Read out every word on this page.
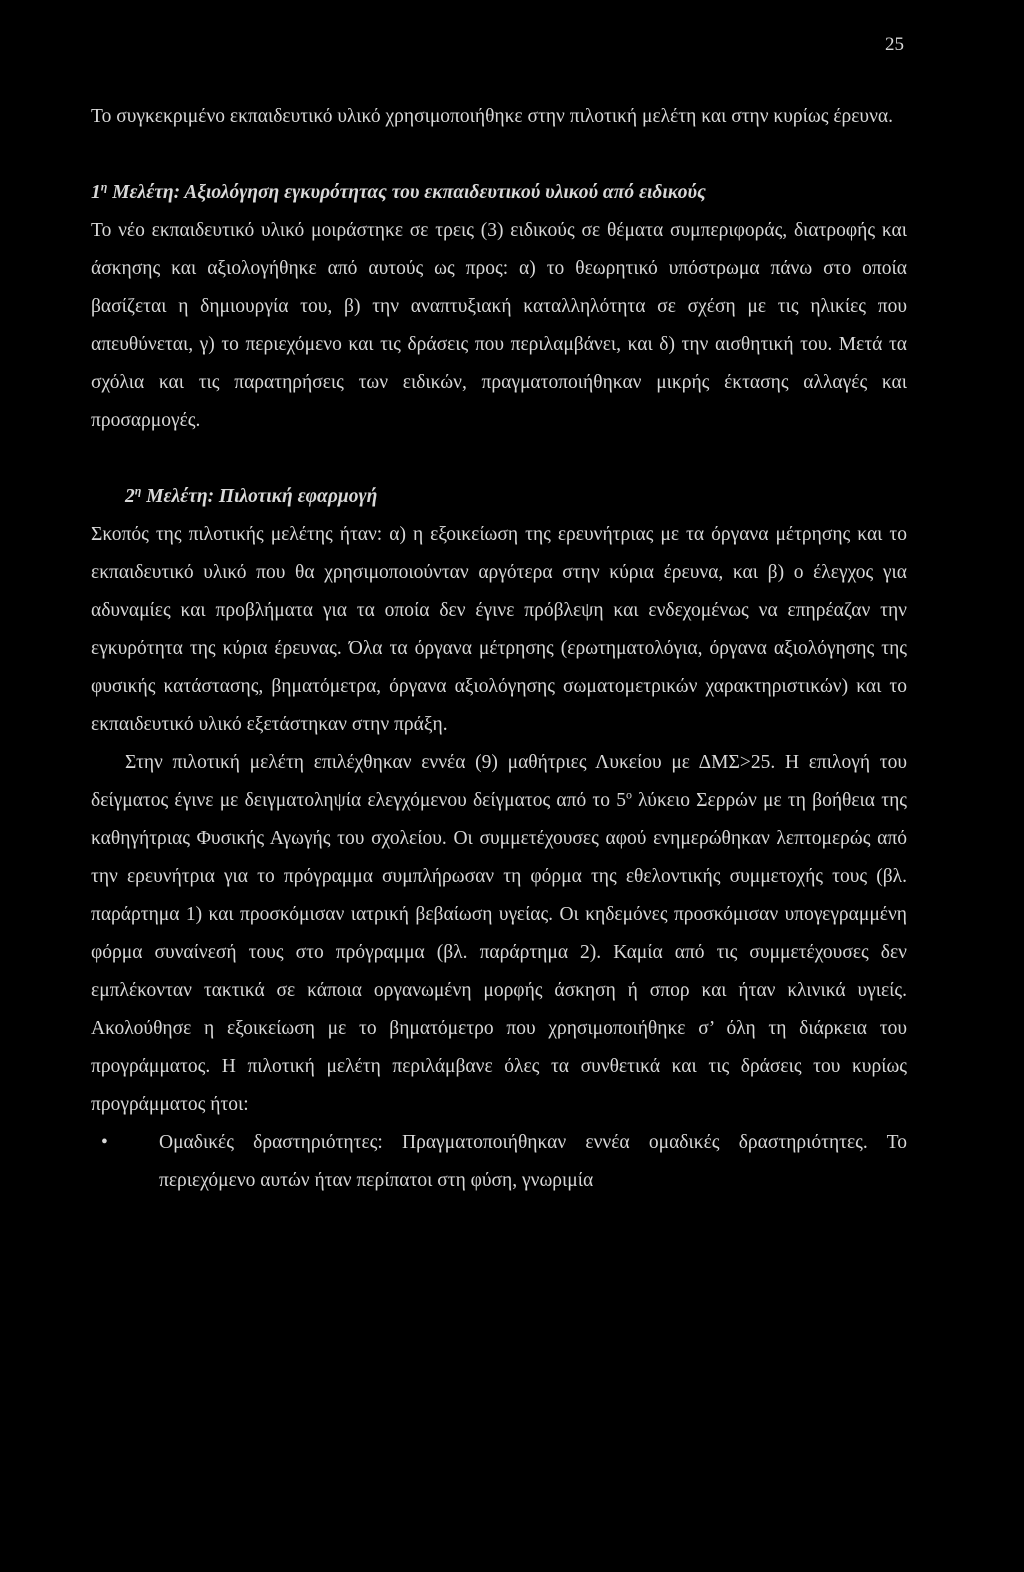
25

Το συγκεκριμένο εκπαιδευτικό υλικό χρησιμοποιήθηκε στην πιλοτική μελέτη και στην κυρίως έρευνα.

$1^\eta$ Μελέτη: Αξιολόγηση εγκυρότητας του εκπαιδευτικού υλικού από ειδικούς

Το νέο εκπαιδευτικό υλικό μοιράστηκε σε τρεις (3) ειδικούς σε θέματα συμπεριφοράς, διατροφής και άσκησης και αξιολογήθηκε από αυτούς ως προς: α) το θεωρητικό υπόστρωμα πάνω στο οποία βασίζεται η δημιουργία του, β) την αναπτυξιακή καταλληλότητα σε σχέση με τις ηλικίες που απευθύνεται, γ) το περιεχόμενο και τις δράσεις που περιλαμβάνει, και δ) την αισθητική του. Μετά τα σχόλια και τις παρατηρήσεις των ειδικών, πραγματοποιήθηκαν μικρής έκτασης αλλαγές και προσαρμογές.

$2^\eta$ Μελέτη: Πιλοτική εφαρμογή

Σκοπός της πιλοτικής μελέτης ήταν: α) η εξοικείωση της ερευνήτριας με τα όργανα μέτρησης και το εκπαιδευτικό υλικό που θα χρησιμοποιούνταν αργότερα στην κύρια έρευνα, και β) ο έλεγχος για αδυναμίες και προβλήματα για τα οποία δεν έγινε πρόβλεψη και ενδεχομένως να επηρέαζαν την εγκυρότητα της κύρια έρευνας. Όλα τα όργανα μέτρησης (ερωτηματολόγια, όργανα αξιολόγησης της φυσικής κατάστασης, βηματόμετρα, όργανα αξιολόγησης σωματομετρικών χαρακτηριστικών) και το εκπαιδευτικό υλικό εξετάστηκαν στην πράξη.

Στην πιλοτική μελέτη επιλέχθηκαν εννέα (9) μαθήτριες Λυκείου με ΔΜΣ>25. Η επιλογή του δείγματος έγινε με δειγματοληψία ελεγχόμενου δείγματος από το $5^o$ λύκειο Σερρών με τη βοήθεια της καθηγήτριας Φυσικής Αγωγής του σχολείου. Οι συμμετέχουσες αφού ενημερώθηκαν λεπτομερώς από την ερευνήτρια για το πρόγραμμα συμπλήρωσαν τη φόρμα της εθελοντικής συμμετοχής τους (βλ. παράρτημα 1) και προσκόμισαν ιατρική βεβαίωση υγείας. Οι κηδεμόνες προσκόμισαν υπογεγραμμένη φόρμα συναίνεσή τους στο πρόγραμμα (βλ. παράρτημα 2). Καμία από τις συμμετέχουσες δεν εμπλέκονταν τακτικά σε κάποια οργανωμένη μορφής άσκηση ή σπορ και ήταν κλινικά υγιείς. Ακολούθησε η εξοικείωση με το βηματόμετρο που χρησιμοποιήθηκε σ’ όλη τη διάρκεια του προγράμματος. Η πιλοτική μελέτη περιλάμβανε όλες τα συνθετικά και τις δράσεις του κυρίως προγράμματος ήτοι:

•	Ομαδικές δραστηριότητες: Πραγματοποιήθηκαν εννέα ομαδικές δραστηριότητες. Το περιεχόμενο αυτών ήταν περίπατοι στη φύση, γνωριμία
